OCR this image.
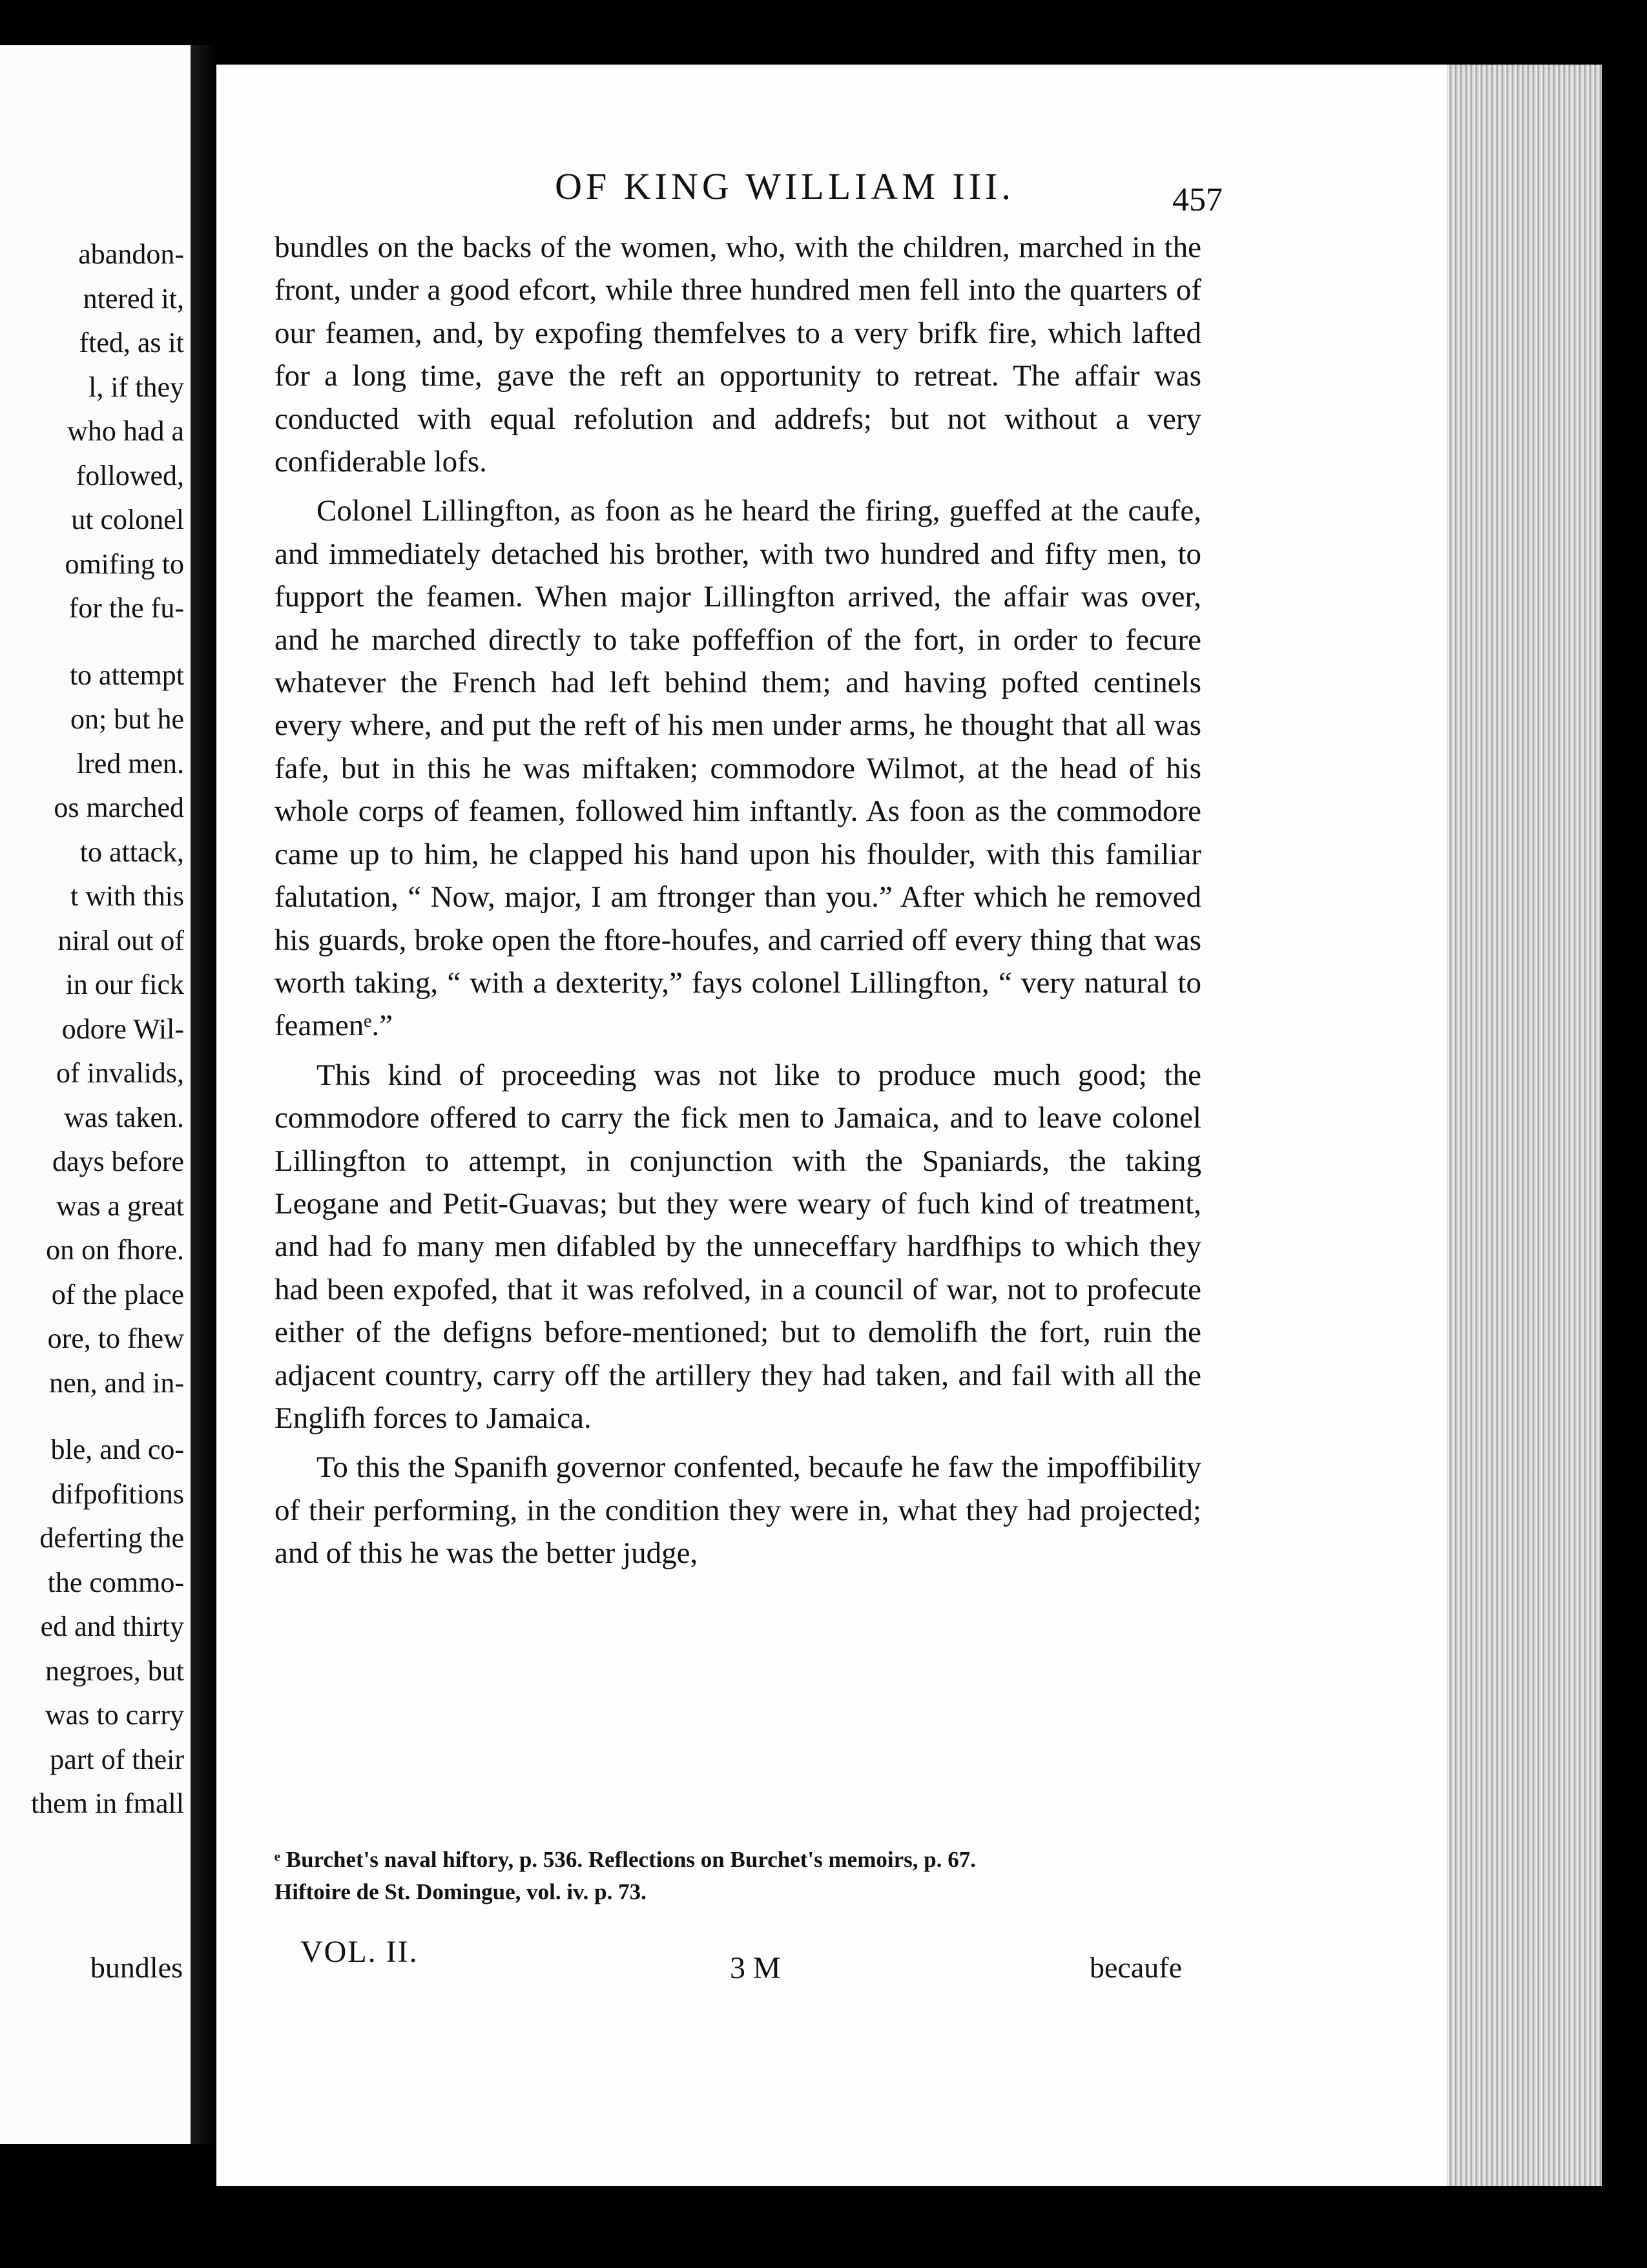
abandon-
ntered it,
fted, as it
l, if they
who had a
followed,
ut colonel
omifing to
for the fu-
to attempt
on; but he
lred men.
os marched
to attack,
t with this
niral out of
in our fick
odore Wil-
of invalids,
was taken.
days before
was a great
on on fhore.
of the place
ore, to fhew
nen, and in-
ble, and co-
difpofitions
deferting the
the commo-
ed and thirty
negroes, but
was to carry
part of their
them in fmall
bundles
OF KING WILLIAM III.	457

bundles on the backs of the women, who, with the children, marched in the front, under a good efcort, while three hundred men fell into the quarters of our feamen, and, by expofing themfelves to a very brifk fire, which lafted for a long time, gave the reft an opportunity to retreat. The affair was conducted with equal refolution and addrefs; but not without a very confiderable lofs.

Colonel Lillingfton, as foon as he heard the firing, gueffed at the caufe, and immediately detached his brother, with two hundred and fifty men, to fupport the feamen. When major Lillingfton arrived, the affair was over, and he marched directly to take poffeffion of the fort, in order to fecure whatever the French had left behind them; and having pofted centinels every where, and put the reft of his men under arms, he thought that all was fafe, but in this he was miftaken; commodore Wilmot, at the head of his whole corps of feamen, followed him inftantly. As foon as the commodore came up to him, he clapped his hand upon his fhoulder, with this familiar falutation, “ Now, major, I am ftronger than you.” After which he removed his guards, broke open the ftore-houfes, and carried off every thing that was worth taking, “ with a dexterity,” fays colonel Lillingfton, “ very natural to feamenᵉ.”

This kind of proceeding was not like to produce much good; the commodore offered to carry the fick men to Jamaica, and to leave colonel Lillingfton to attempt, in conjunction with the Spaniards, the taking Leogane and Petit-Guavas; but they were weary of fuch kind of treatment, and had fo many men difabled by the unneceffary hardfhips to which they had been expofed, that it was refolved, in a council of war, not to profecute either of the defigns before-mentioned; but to demolifh the fort, ruin the adjacent country, carry off the artillery they had taken, and fail with all the Englifh forces to Jamaica.

To this the Spanifh governor confented, becaufe he faw the impoffibility of their performing, in the condition they were in, what they had projected; and of this he was the better judge,

ᵉ Burchet's naval hiftory, p. 536. Reflections on Burchet's memoirs, p. 67.
Hiftoire de St. Domingue, vol. iv. p. 73.
VOL. II.	3 M	becaufe
